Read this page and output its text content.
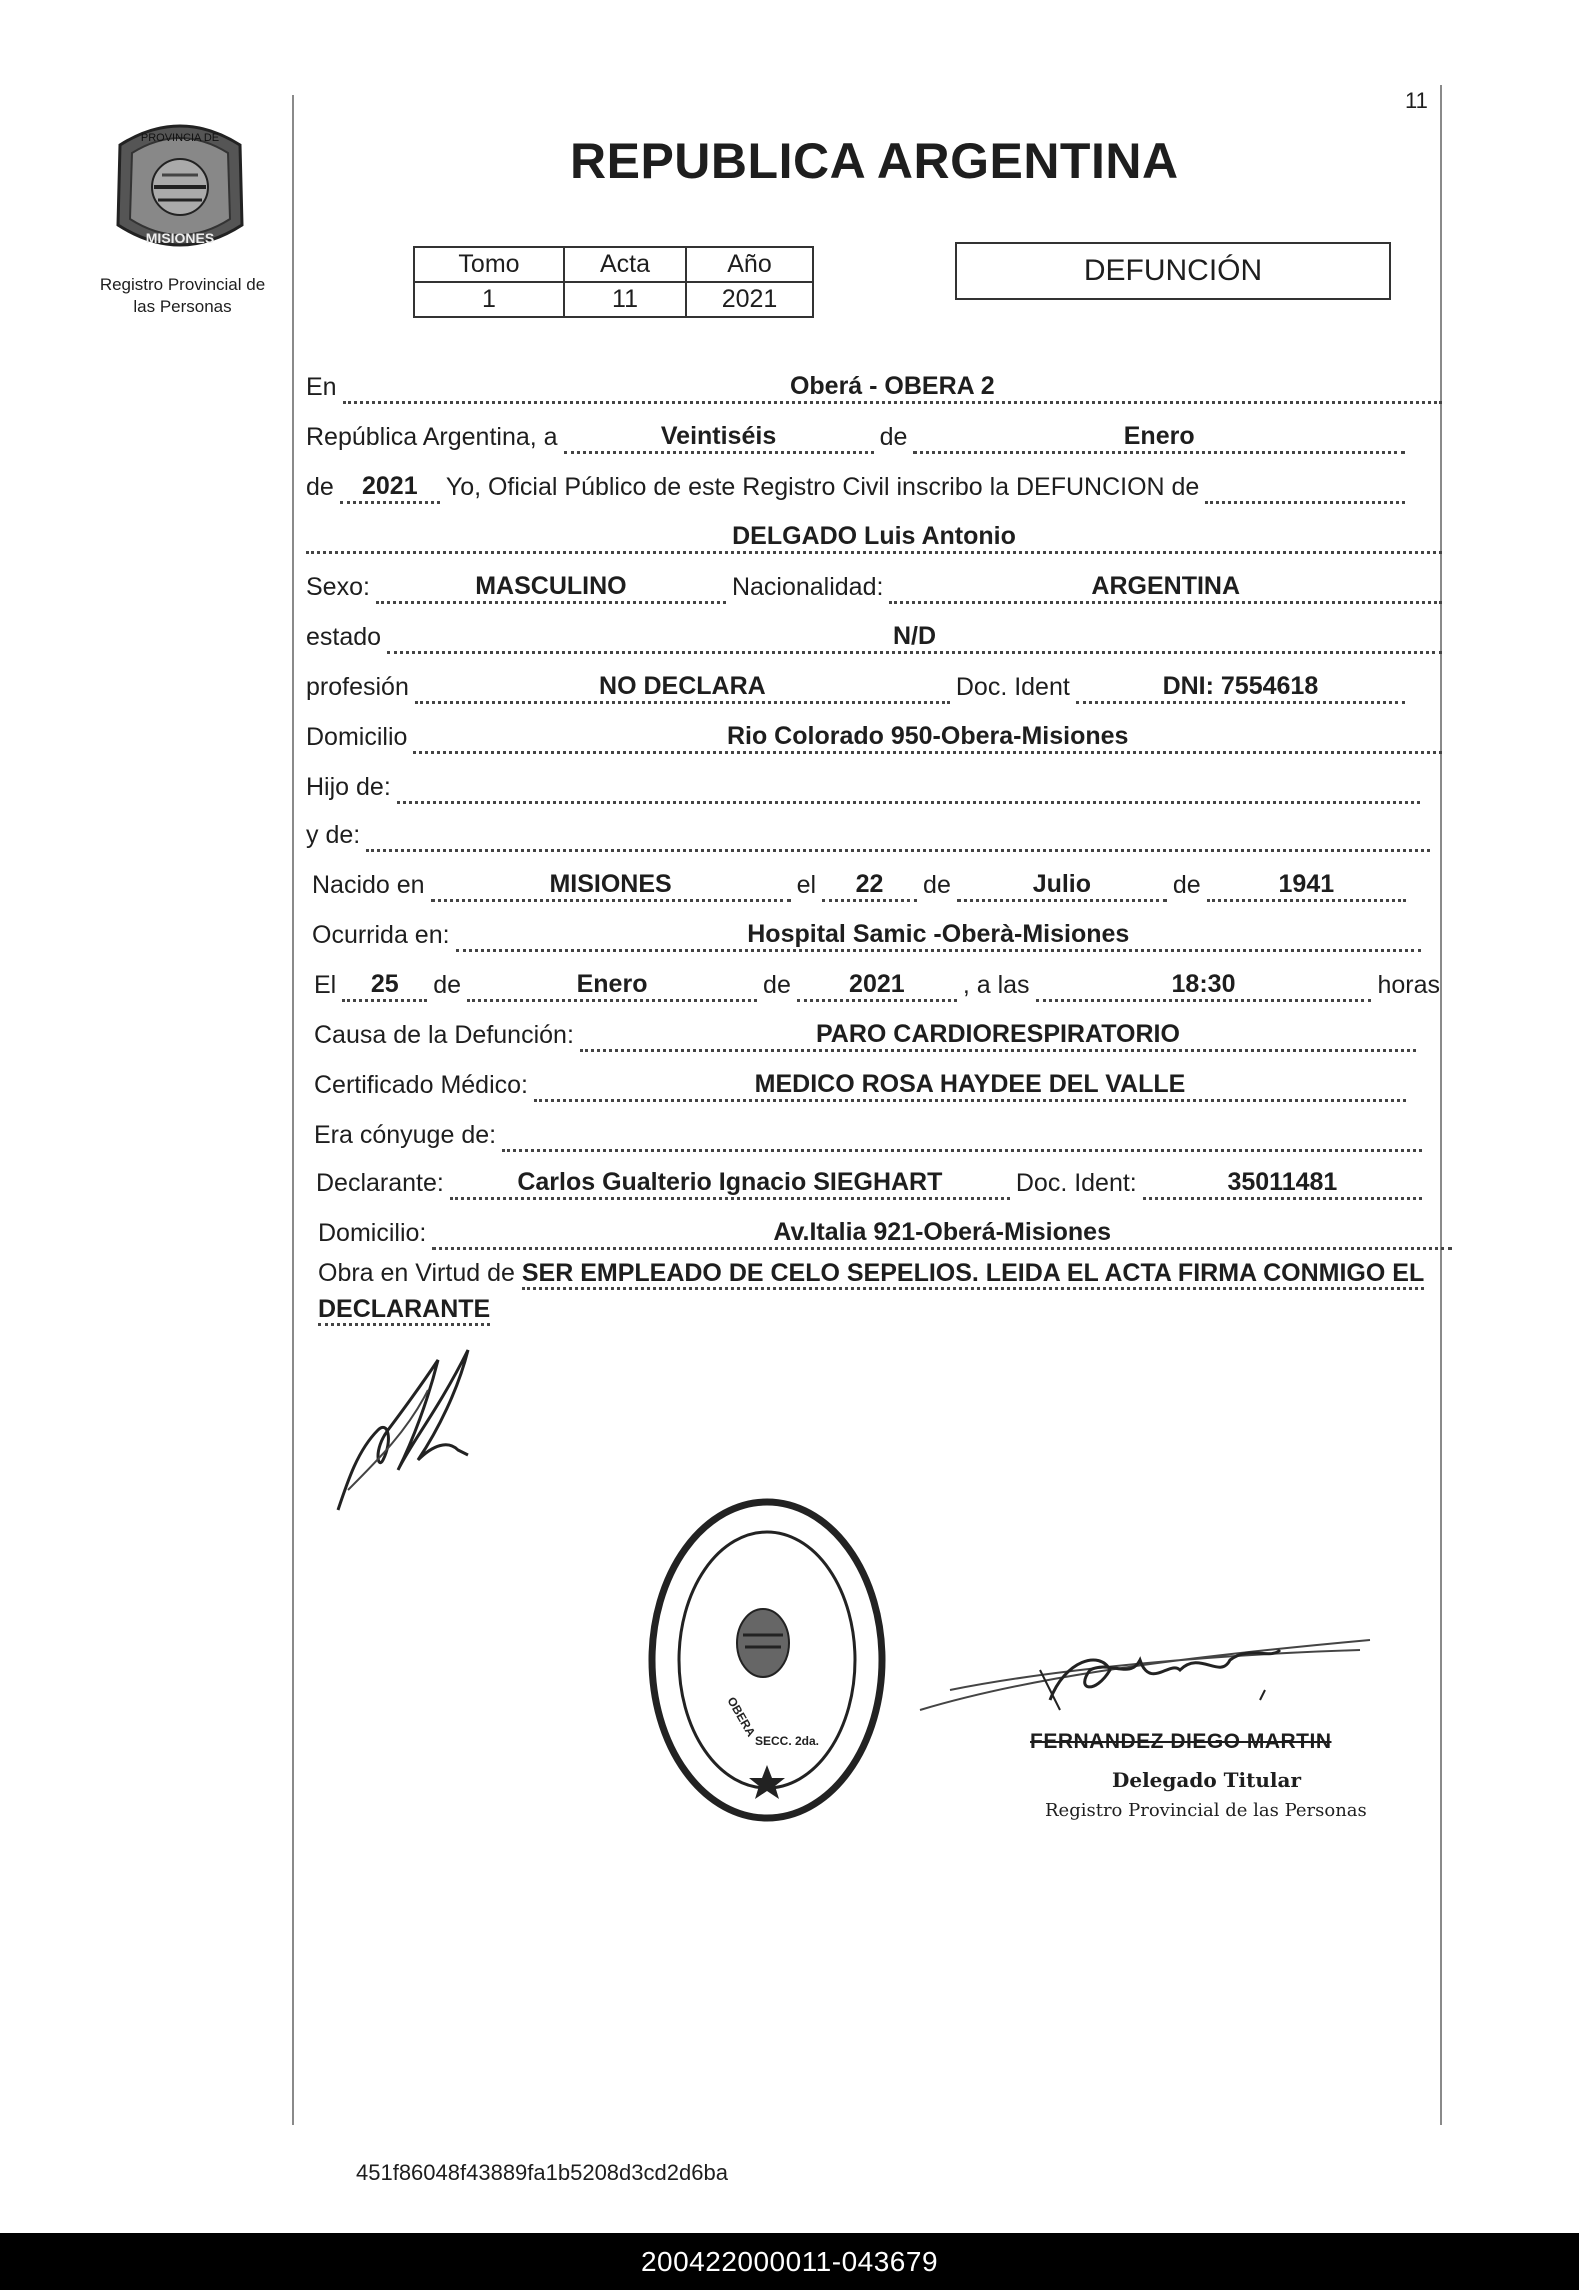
11
PROVINCIA DE
MISIONES
Registro Provincial de
las Personas
REPUBLICA ARGENTINA
Tomo	Acta	Año
1	11	2021
DEFUNCIÓN
En	Oberá - OBERA 2
República Argentina, a	Veintiséis	de	Enero
de	2021	Yo, Oficial Público de este Registro Civil inscribo la DEFUNCION de
DELGADO Luis Antonio
Sexo:	MASCULINO	Nacionalidad:	ARGENTINA
estado	N/D
profesión	NO DECLARA	Doc. Ident	DNI: 7554618
Domicilio	Rio Colorado 950-Obera-Misiones
Hijo de:
y de:
Nacido en	MISIONES	el	22	de	Julio	de	1941
Ocurrida en:	Hospital Samic -Oberà-Misiones
El	25	de	Enero	de	2021	, a las	18:30	horas
Causa de la Defunción:	PARO CARDIORESPIRATORIO
Certificado Médico:	MEDICO ROSA HAYDEE DEL VALLE
Era cónyuge de:
Declarante:	Carlos Gualterio Ignacio SIEGHART	Doc. Ident:	35011481
Domicilio:	Av.Italia 921-Oberá-Misiones
Obra en Virtud de SER EMPLEADO DE CELO SEPELIOS. LEIDA EL ACTA FIRMA CONMIGO EL DECLARANTE
OBERA
SECC. 2da.	FERNANDEZ DIEGO MARTIN
Delegado Titular
Registro Provincial de las Personas
451f86048f43889fa1b5208d3cd2d6ba
200422000011-043679
